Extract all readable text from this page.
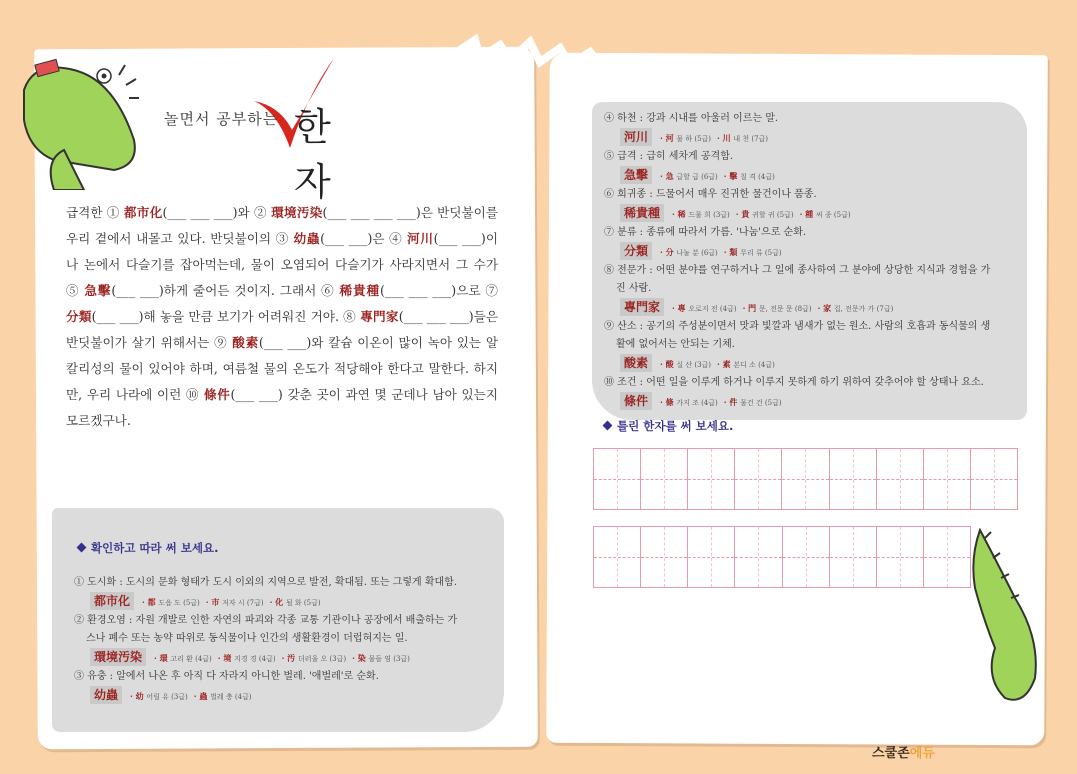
놀면서 공부하는 한자
급격한 ① 都市化(___ ___ ___)와 ② 環境汚染(___ ___ ___ ___)은 반딧불이를 우리 곁에서 내몰고 있다. 반딧불이의 ③ 幼蟲(___ ___)은 ④ 河川(___ ___)이나 논에서 다슬기를 잡아먹는데, 물이 오염되어 다슬기가 사라지면서 그 수가 ⑤ 急擊(___ ___)하게 줄어든 것이지. 그래서 ⑥ 稀貴種(___ ___ ___)으로 ⑦ 分類(___ ___)해 놓을 만큼 보기가 어려워진 거야. ⑧ 專門家(___ ___ ___)들은 반딧불이가 살기 위해서는 ⑨ 酸素(___ ___)와 칼슘 이온이 많이 녹아 있는 알칼리성의 물이 있어야 하며, 여름철 물의 온도가 적당해야 한다고 말한다. 하지만, 우리 나라에 이런 ⑩ 條件(___ ___) 갖춘 곳이 과연 몇 군데나 남아 있는지 모르겠구나.
확인하고 따라 써 보세요.
① 도시화 : 도시의 문화 형태가 도시 이외의 지역으로 발전, 확대됨. 또는 그렇게 확대함.
都市化 · 都 도읍 도 (5급) · 市 저자 시 (7급) · 化 될 화 (5급)
② 환경오염 : 자원 개발로 인한 자연의 파괴와 각종 교통 기관이나 공장에서 배출하는 가
스나 폐수 또는 농약 따위로 동식물이나 인간의 생활환경이 더럽혀지는 일.
環境汚染 · 環 고리 환 (4급) · 境 지경 경 (4급) · 汚 더러울 오 (3급) · 染 물들 염 (3급)
③ 유충 : 알에서 나온 후 아직 다 자라지 아니한 벌레. '애벌레'로 순화.
幼蟲 · 幼 어릴 유 (3급) · 蟲 벌레 충 (4급)
④ 하천 : 강과 시내를 아울러 이르는 말.
河川 · 河 물 하 (5급) · 川 내 천 (7급)
⑤ 급격 : 급히 세차게 공격함.
急擊 · 急 급할 급 (6급) · 擊 칠 격 (4급)
⑥ 희귀종 : 드물어서 매우 진귀한 물건이나 품종.
稀貴種 · 稀 드물 희 (3급) · 貴 귀할 귀 (5급) · 種 씨 종 (5급)
⑦ 분류 : 종류에 따라서 가름. '나눔'으로 순화.
分類 · 分 나눌 분 (6급) · 類 무리 류 (5급)
⑧ 전문가 : 어떤 분야를 연구하거나 그 일에 종사하여 그 분야에 상당한 지식과 경험을 가
진 사람.
專門家 · 專 오로지 전 (4급) · 門 문, 전문 문 (8급) · 家 집, 전문가 가 (7급)
⑨ 산소 : 공기의 주성분이면서 맛과 빛깔과 냄새가 없는 원소. 사람의 호흡과 동식물의 생
활에 없어서는 안되는 기체.
酸素 · 酸 실 산 (3급) · 素 본디 소 (4급)
⑩ 조건 : 어떤 일을 이루게 하거나 이루지 못하게 하기 위하여 갖추어야 할 상태나 요소.
條件 · 條 가지 조 (4급) · 件 물건 건 (5급)
틀린 한자를 써 보세요.
스쿨존에듀
